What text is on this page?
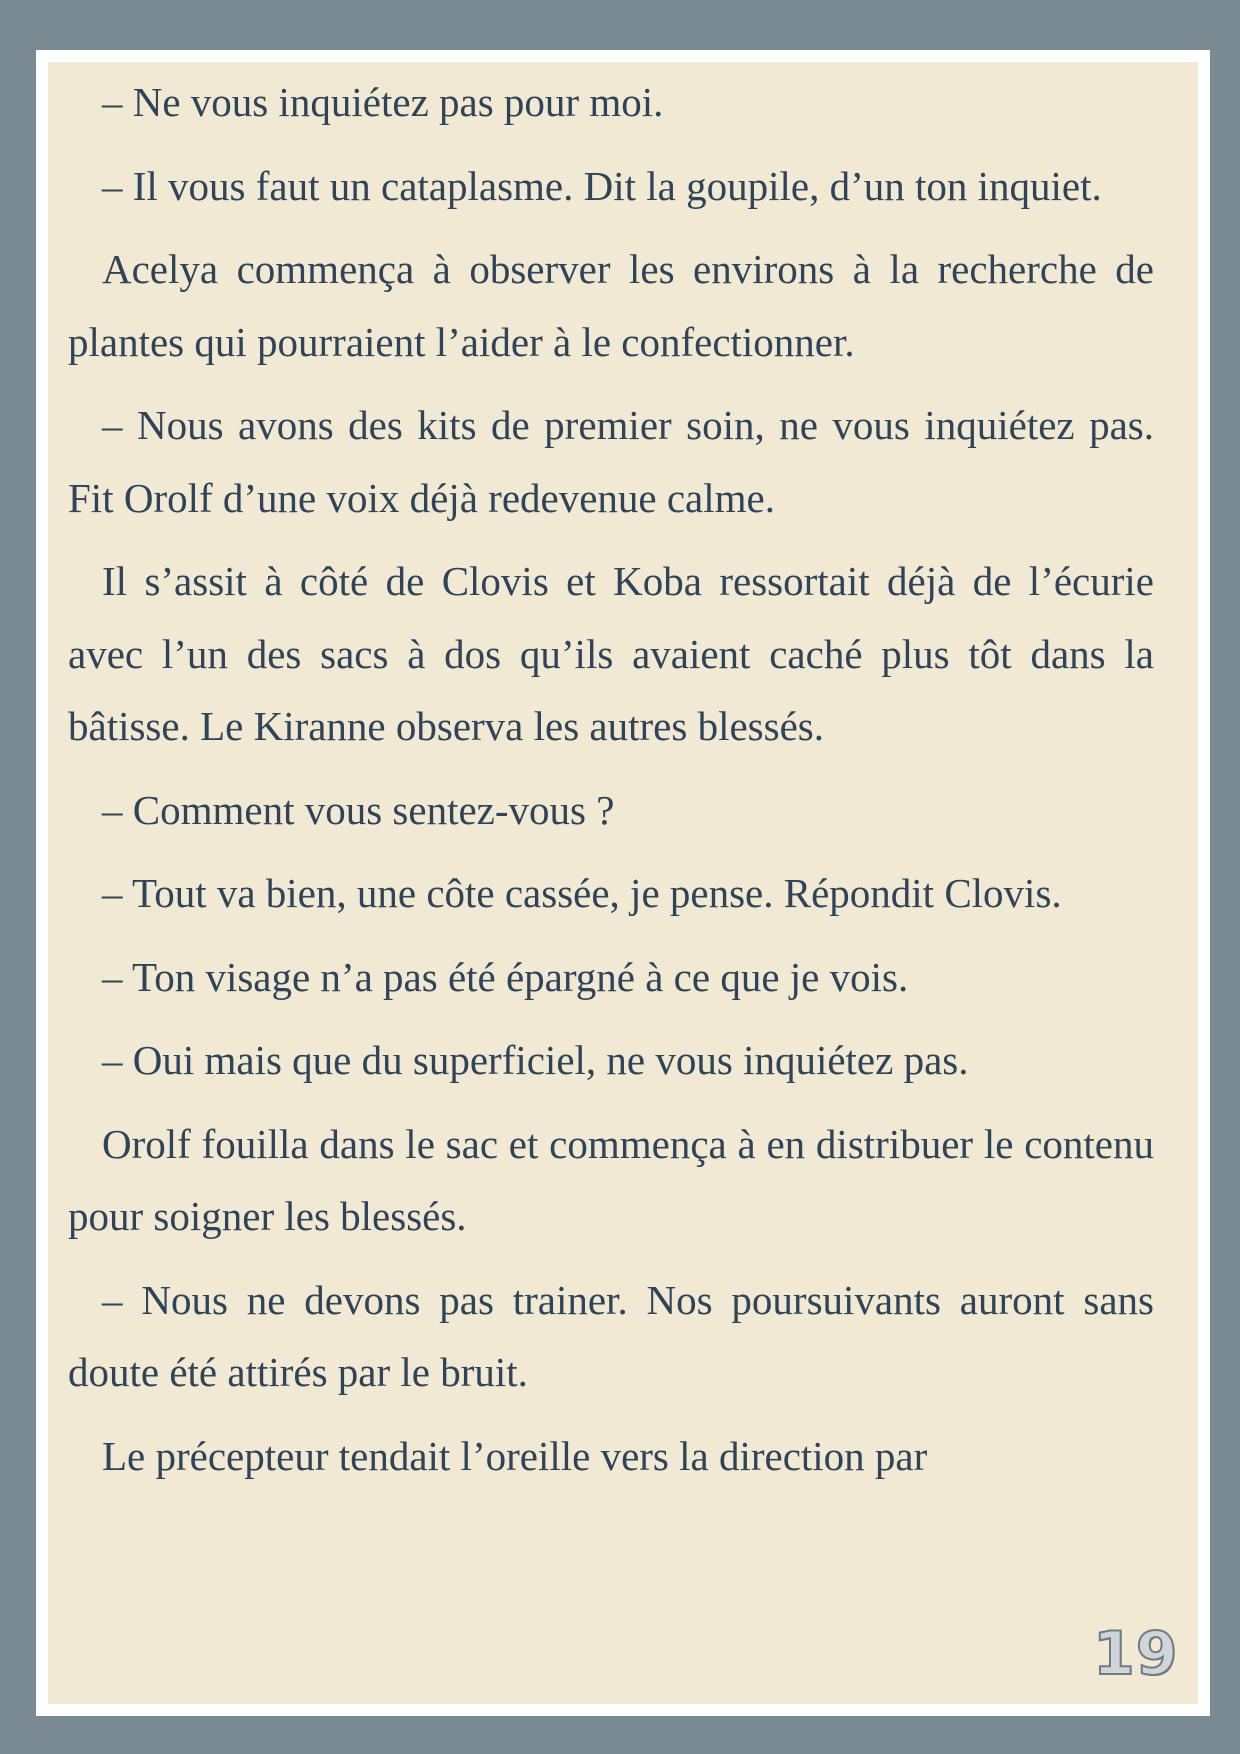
– Ne vous inquiétez pas pour moi.

– Il vous faut un cataplasme. Dit la goupile, d’un ton inquiet.

Acelya commença à observer les environs à la recherche de plantes qui pourraient l’aider à le confectionner.

– Nous avons des kits de premier soin, ne vous inquiétez pas. Fit Orolf d’une voix déjà redevenue calme.

Il s’assit à côté de Clovis et Koba ressortait déjà de l’écurie avec l’un des sacs à dos qu’ils avaient caché plus tôt dans la bâtisse. Le Kiranne observa les autres blessés.

– Comment vous sentez-vous ?

– Tout va bien, une côte cassée, je pense. Répondit Clovis.

– Ton visage n’a pas été épargné à ce que je vois.

– Oui mais que du superficiel, ne vous inquiétez pas.

Orolf fouilla dans le sac et commença à en distribuer le contenu pour soigner les blessés.

– Nous ne devons pas trainer. Nos poursuivants auront sans doute été attirés par le bruit.

Le précepteur tendait l’oreille vers la direction par

19
